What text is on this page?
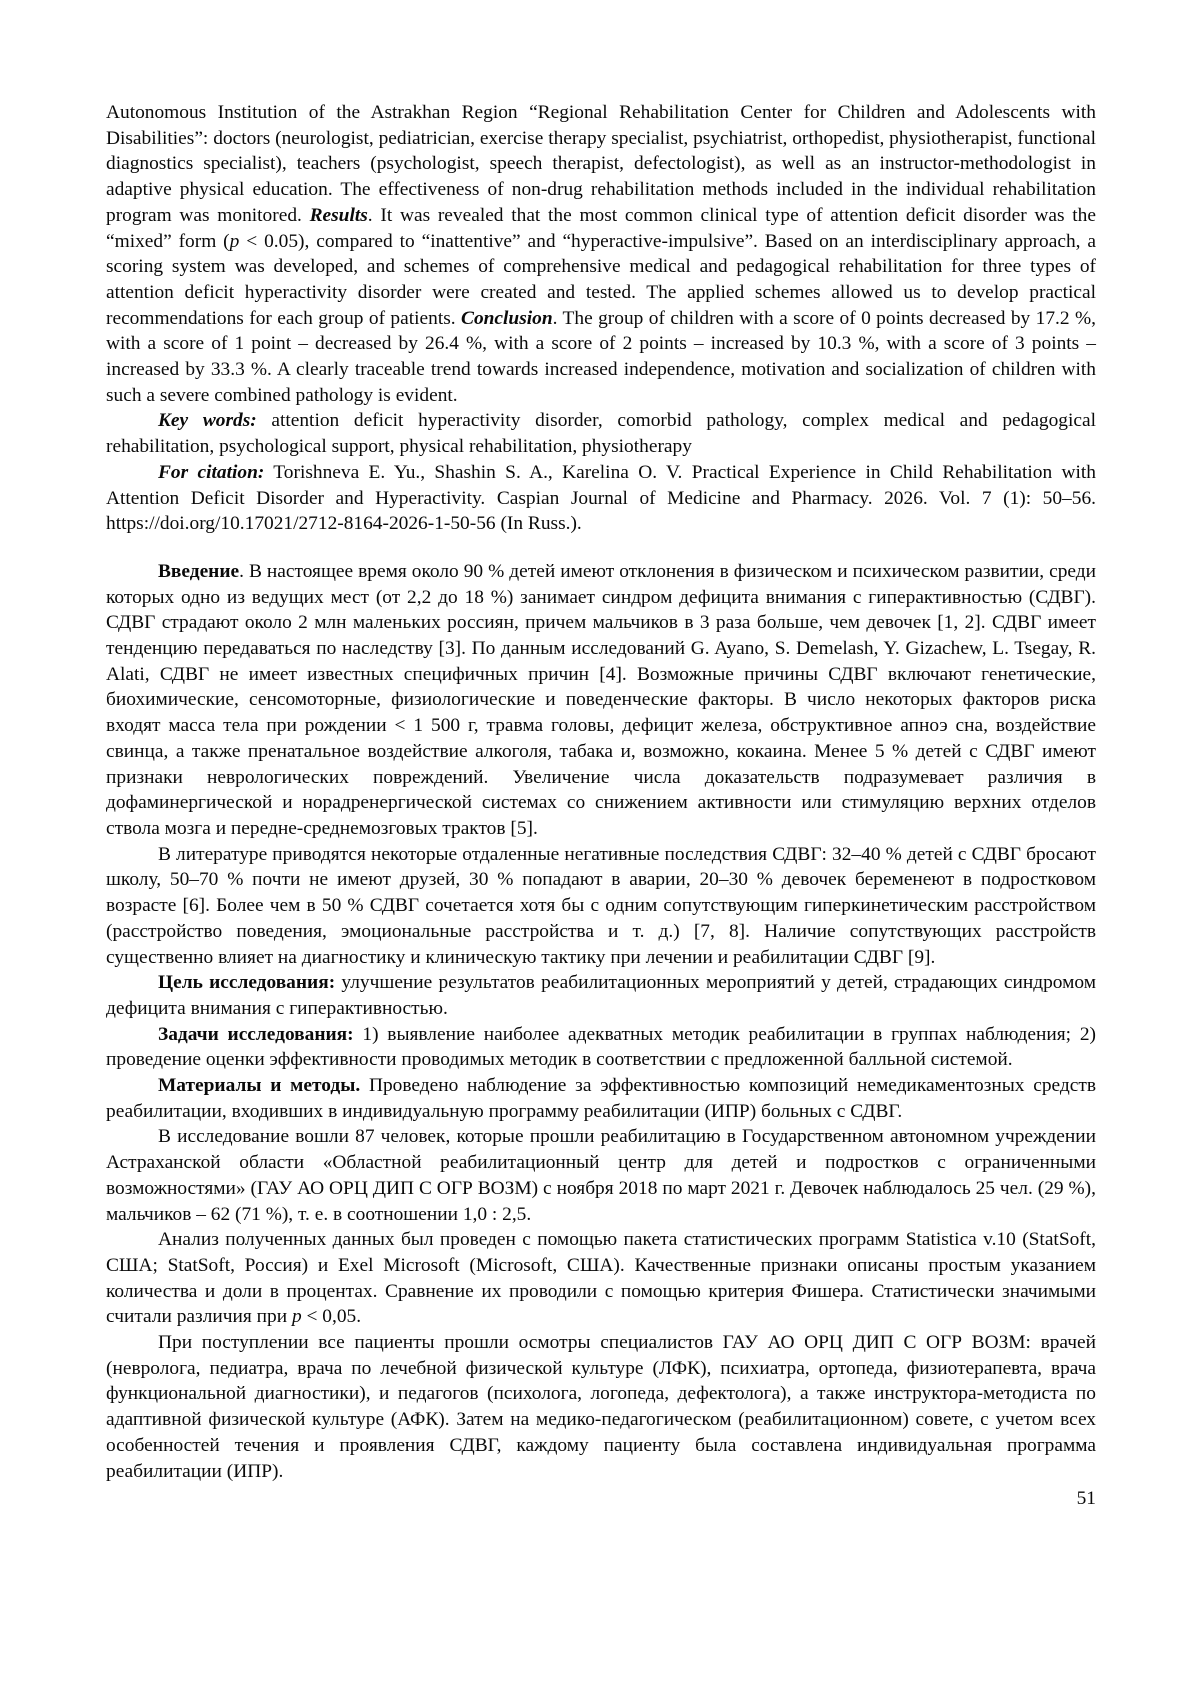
Autonomous Institution of the Astrakhan Region “Regional Rehabilitation Center for Children and Adolescents with Disabilities”: doctors (neurologist, pediatrician, exercise therapy specialist, psychiatrist, orthopedist, physiotherapist, functional diagnostics specialist), teachers (psychologist, speech therapist, defectologist), as well as an instructor-methodologist in adaptive physical education. The effectiveness of non-drug rehabilitation methods included in the individual rehabilitation program was monitored. Results. It was revealed that the most common clinical type of attention deficit disorder was the “mixed” form (p < 0.05), compared to “inattentive” and “hyperactive-impulsive”. Based on an interdisciplinary approach, a scoring system was developed, and schemes of comprehensive medical and pedagogical rehabilitation for three types of attention deficit hyperactivity disorder were created and tested. The applied schemes allowed us to develop practical recommendations for each group of patients. Conclusion. The group of children with a score of 0 points decreased by 17.2 %, with a score of 1 point – decreased by 26.4 %, with a score of 2 points – increased by 10.3 %, with a score of 3 points – increased by 33.3 %. A clearly traceable trend towards increased independence, motivation and socialization of children with such a severe combined pathology is evident.

Key words: attention deficit hyperactivity disorder, comorbid pathology, complex medical and pedagogical rehabilitation, psychological support, physical rehabilitation, physiotherapy

For citation: Torishneva E. Yu., Shashin S. A., Karelina O. V. Practical Experience in Child Rehabilitation with Attention Deficit Disorder and Hyperactivity. Caspian Journal of Medicine and Pharmacy. 2026. Vol. 7 (1): 50–56. https://doi.org/10.17021/2712-8164-2026-1-50-56 (In Russ.).

Введение. В настоящее время около 90 % детей имеют отклонения в физическом и психическом развитии, среди которых одно из ведущих мест (от 2,2 до 18 %) занимает синдром дефицита внимания с гиперактивностью (СДВГ). СДВГ страдают около 2 млн маленьких россиян, причем мальчиков в 3 раза больше, чем девочек [1, 2]. СДВГ имеет тенденцию передаваться по наследству [3]. По данным исследований G. Ayano, S. Demelash, Y. Gizachew, L. Tsegay, R. Alati, СДВГ не имеет известных специфичных причин [4]. Возможные причины СДВГ включают генетические, биохимические, сенсомоторные, физиологические и поведенческие факторы. В число некоторых факторов риска входят масса тела при рождении < 1 500 г, травма головы, дефицит железа, обструктивное апноэ сна, воздействие свинца, а также пренатальное воздействие алкоголя, табака и, возможно, кокаина. Менее 5 % детей с СДВГ имеют признаки неврологических повреждений. Увеличение числа доказательств подразумевает различия в дофаминергической и норадренергической системах со снижением активности или стимуляцию верхних отделов ствола мозга и передне-среднемозговых трактов [5].

В литературе приводятся некоторые отдаленные негативные последствия СДВГ: 32–40 % детей с СДВГ бросают школу, 50–70 % почти не имеют друзей, 30 % попадают в аварии, 20–30 % девочек беременеют в подростковом возрасте [6]. Более чем в 50 % СДВГ сочетается хотя бы с одним сопутствующим гиперкинетическим расстройством (расстройство поведения, эмоциональные расстройства и т. д.) [7, 8]. Наличие сопутствующих расстройств существенно влияет на диагностику и клиническую тактику при лечении и реабилитации СДВГ [9].

Цель исследования: улучшение результатов реабилитационных мероприятий у детей, страдающих синдромом дефицита внимания с гиперактивностью.

Задачи исследования: 1) выявление наиболее адекватных методик реабилитации в группах наблюдения; 2) проведение оценки эффективности проводимых методик в соответствии с предложенной балльной системой.

Материалы и методы. Проведено наблюдение за эффективностью композиций немедикаментозных средств реабилитации, входивших в индивидуальную программу реабилитации (ИПР) больных с СДВГ.

В исследование вошли 87 человек, которые прошли реабилитацию в Государственном автономном учреждении Астраханской области «Областной реабилитационный центр для детей и подростков с ограниченными возможностями» (ГАУ АО ОРЦ ДИП С ОГР ВОЗМ) с ноября 2018 по март 2021 г. Девочек наблюдалось 25 чел. (29 %), мальчиков – 62 (71 %), т. е. в соотношении 1,0 : 2,5.

Анализ полученных данных был проведен с помощью пакета статистических программ Statistica v.10 (StatSoft, США; StatSoft, Россия) и Exel Microsoft (Microsoft, США). Качественные признаки описаны простым указанием количества и доли в процентах. Сравнение их проводили с помощью критерия Фишера. Статистически значимыми считали различия при p < 0,05.

При поступлении все пациенты прошли осмотры специалистов ГАУ АО ОРЦ ДИП С ОГР ВОЗМ: врачей (невролога, педиатра, врача по лечебной физической культуре (ЛФК), психиатра, ортопеда, физиотерапевта, врача функциональной диагностики), и педагогов (психолога, логопеда, дефектолога), а также инструктора-методиста по адаптивной физической культуре (АФК). Затем на медико-педагогическом (реабилитационном) совете, с учетом всех особенностей течения и проявления СДВГ, каждому пациенту была составлена индивидуальная программа реабилитации (ИПР).

51
